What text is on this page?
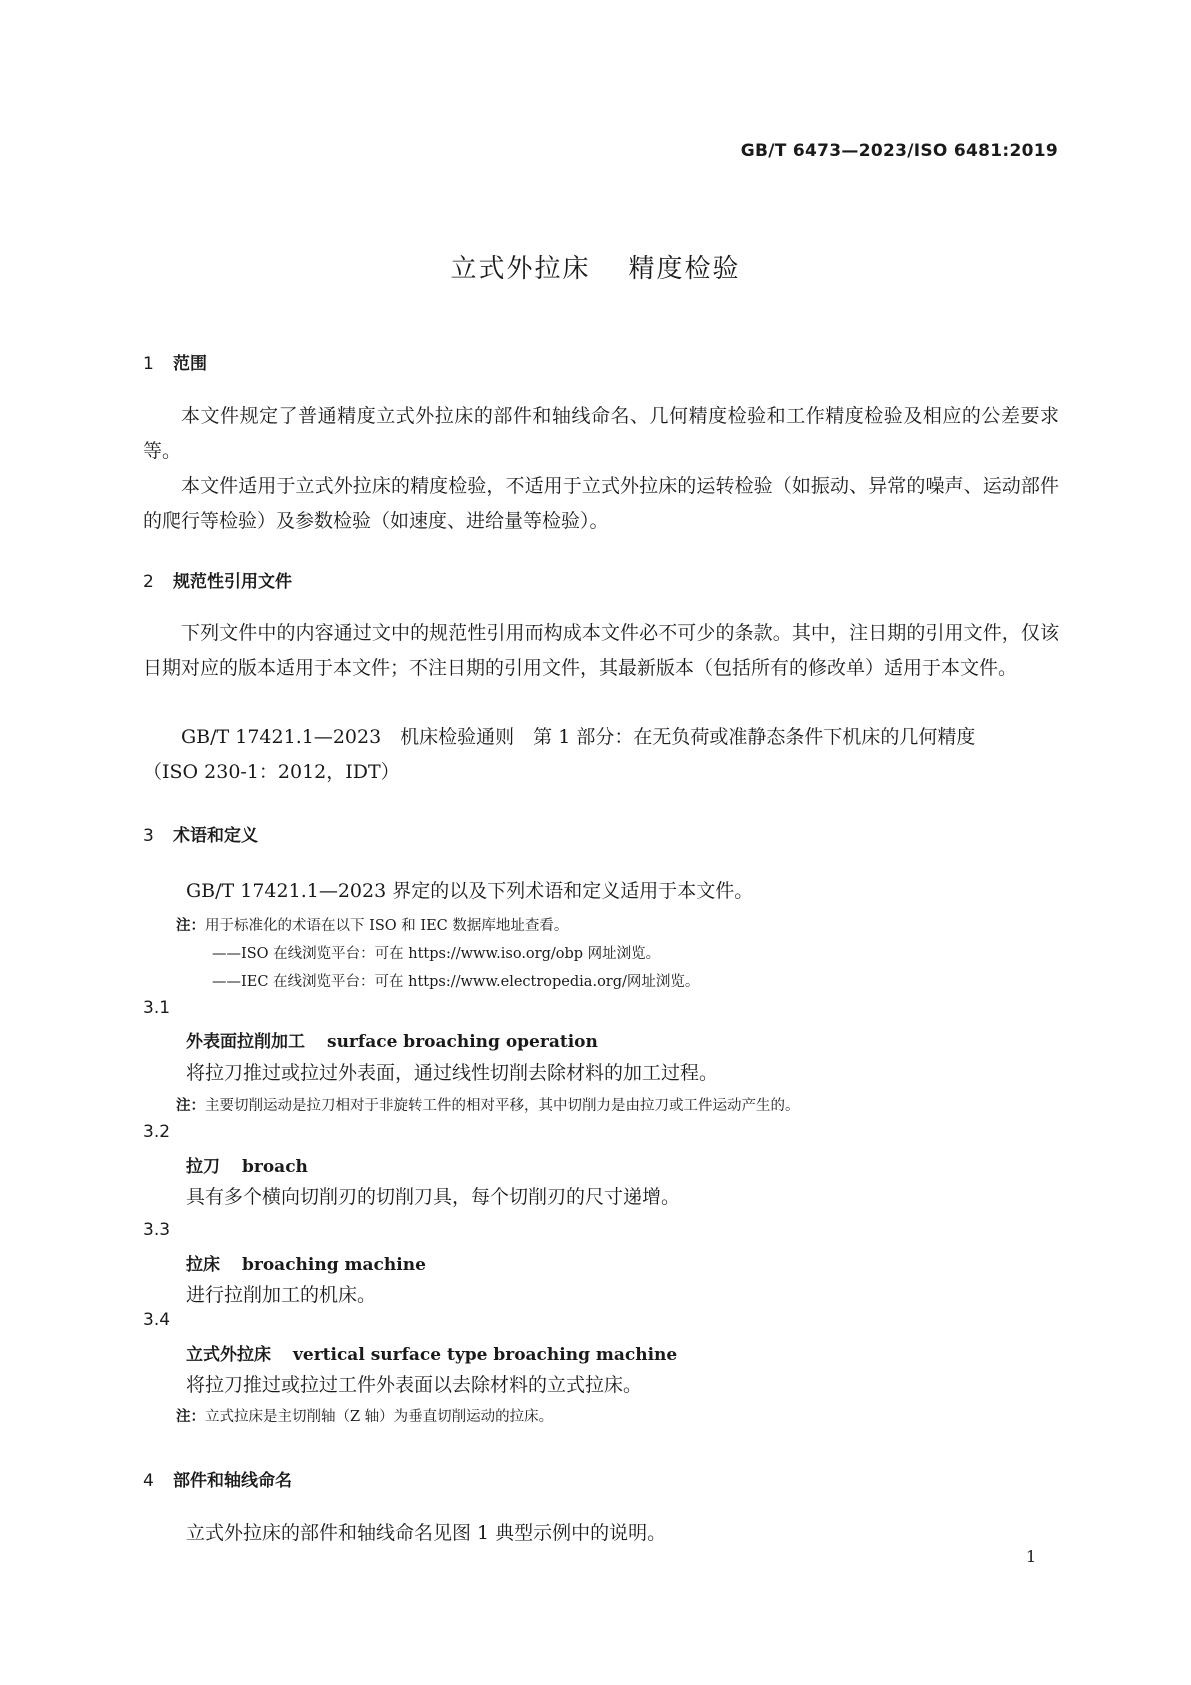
GB/T 6473—2023/ISO 6481:2019
立式外拉床 精度检验
1 范围
本文件规定了普通精度立式外拉床的部件和轴线命名、几何精度检验和工作精度检验及相应的公差要求等。
本文件适用于立式外拉床的精度检验，不适用于立式外拉床的运转检验（如振动、异常的噪声、运动部件的爬行等检验）及参数检验（如速度、进给量等检验）。
2 规范性引用文件
下列文件中的内容通过文中的规范性引用而构成本文件必不可少的条款。其中，注日期的引用文件，仅该日期对应的版本适用于本文件；不注日期的引用文件，其最新版本（包括所有的修改单）适用于本文件。
GB/T 17421.1—2023　机床检验通则　第 1 部分：在无负荷或准静态条件下机床的几何精度
（ISO 230-1：2012，IDT）
3 术语和定义
GB/T 17421.1—2023 界定的以及下列术语和定义适用于本文件。
注：用于标准化的术语在以下 ISO 和 IEC 数据库地址查看。
——ISO 在线浏览平台：可在 https://www.iso.org/obp 网址浏览。
——IEC 在线浏览平台：可在 https://www.electropedia.org/网址浏览。
3.1
外表面拉削加工 surface broaching operation
将拉刀推过或拉过外表面，通过线性切削去除材料的加工过程。
注：主要切削运动是拉刀相对于非旋转工件的相对平移，其中切削力是由拉刀或工件运动产生的。
3.2
拉刀 broach
具有多个横向切削刃的切削刀具，每个切削刃的尺寸递增。
3.3
拉床 broaching machine
进行拉削加工的机床。
3.4
立式外拉床 vertical surface type broaching machine
将拉刀推过或拉过工件外表面以去除材料的立式拉床。
注：立式拉床是主切削轴（Z 轴）为垂直切削运动的拉床。
4 部件和轴线命名
立式外拉床的部件和轴线命名见图 1 典型示例中的说明。
1
